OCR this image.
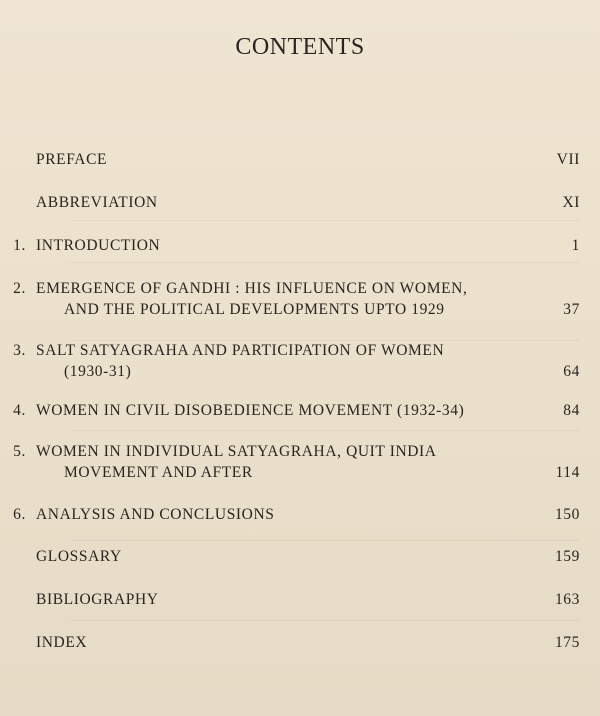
CONTENTS
PREFACE	VII
ABBREVIATION	XI
1. INTRODUCTION	1
2. EMERGENCE OF GANDHI : HIS INFLUENCE ON WOMEN,
AND THE POLITICAL DEVELOPMENTS UPTO 1929	37
3. SALT SATYAGRAHA AND PARTICIPATION OF WOMEN
(1930-31)	64
4. WOMEN IN CIVIL DISOBEDIENCE MOVEMENT (1932-34)	84
5. WOMEN IN INDIVIDUAL SATYAGRAHA, QUIT INDIA
MOVEMENT AND AFTER	114
6. ANALYSIS AND CONCLUSIONS	150
GLOSSARY	159
BIBLIOGRAPHY	163
INDEX	175
